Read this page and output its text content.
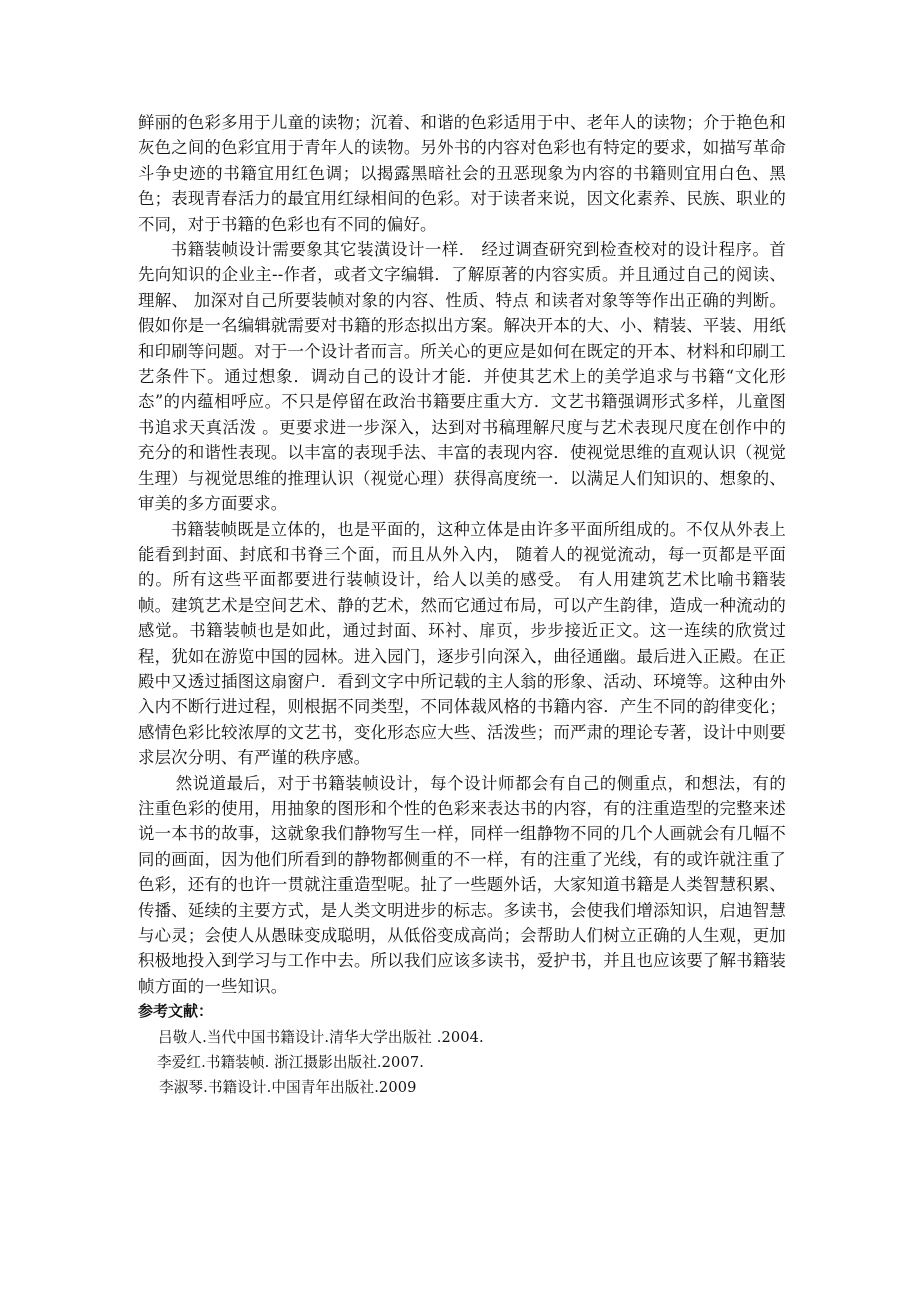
鲜丽的色彩多用于儿童的读物；沉着、和谐的色彩适用于中、老年人的读物；介于艳色和灰色之间的色彩宜用于青年人的读物。另外书的内容对色彩也有特定的要求，如描写革命斗争史迹的书籍宜用红色调；以揭露黑暗社会的丑恶现象为内容的书籍则宜用白色、黑色；表现青春活力的最宜用红绿相间的色彩。对于读者来说，因文化素养、民族、职业的不同，对于书籍的色彩也有不同的偏好。

书籍装帧设计需要象其它装潢设计一样． 经过调查研究到检查校对的设计程序。首先向知识的企业主--作者，或者文字编辑．了解原著的内容实质。并且通过自己的阅读、理解、 加深对自己所要装帧对象的内容、性质、特点 和读者对象等等作出正确的判断。假如你是一名编辑就需要对书籍的形态拟出方案。解决开本的大、小、精装、平装、用纸和印刷等问题。对于一个设计者而言。所关心的更应是如何在既定的开本、材料和印刷工艺条件下。通过想象．调动自己的设计才能．并使其艺术上的美学追求与书籍“文化形态”的内蕴相呼应。不只是停留在政治书籍要庄重大方．文艺书籍强调形式多样，儿童图书追求天真活泼 。更要求进一步深入，达到对书稿理解尺度与艺术表现尺度在创作中的充分的和谐性表现。以丰富的表现手法、丰富的表现内容．使视觉思维的直观认识（视觉生理）与视觉思维的推理认识（视觉心理）获得高度统一．以满足人们知识的、想象的、审美的多方面要求。

书籍装帧既是立体的，也是平面的，这种立体是由许多平面所组成的。不仅从外表上能看到封面、封底和书脊三个面，而且从外入内， 随着人的视觉流动，每一页都是平面的。所有这些平面都要进行装帧设计，给人以美的感受。 有人用建筑艺术比喻书籍装帧。建筑艺术是空间艺术、静的艺术，然而它通过布局，可以产生韵律，造成一种流动的感觉。书籍装帧也是如此，通过封面、环衬、扉页，步步接近正文。这一连续的欣赏过程，犹如在游览中国的园林。进入园门，逐步引向深入，曲径通幽。最后进入正殿。在正殿中又透过插图这扇窗户．看到文字中所记载的主人翁的形象、活动、环境等。这种由外入内不断行进过程，则根据不同类型，不同体裁风格的书籍内容．产生不同的韵律变化；感情色彩比较浓厚的文艺书，变化形态应大些、活泼些；而严肃的理论专著，设计中则要求层次分明、有严谨的秩序感。

然说道最后，对于书籍装帧设计，每个设计师都会有自己的侧重点，和想法，有的注重色彩的使用，用抽象的图形和个性的色彩来表达书的内容，有的注重造型的完整来述说一本书的故事，这就象我们静物写生一样，同样一组静物不同的几个人画就会有几幅不同的画面，因为他们所看到的静物都侧重的不一样，有的注重了光线，有的或许就注重了色彩，还有的也许一贯就注重造型呢。扯了一些题外话，大家知道书籍是人类智慧积累、传播、延续的主要方式，是人类文明进步的标志。多读书，会使我们增添知识，启迪智慧与心灵；会使人从愚昧变成聪明，从低俗变成高尚；会帮助人们树立正确的人生观，更加积极地投入到学习与工作中去。所以我们应该多读书，爱护书，并且也应该要了解书籍装帧方面的一些知识。

参考文献：
吕敬人.当代中国书籍设计.清华大学出版社 .2004.
李爱红.书籍装帧. 浙江摄影出版社.2007.
李淑琴.书籍设计.中国青年出版社.2009
